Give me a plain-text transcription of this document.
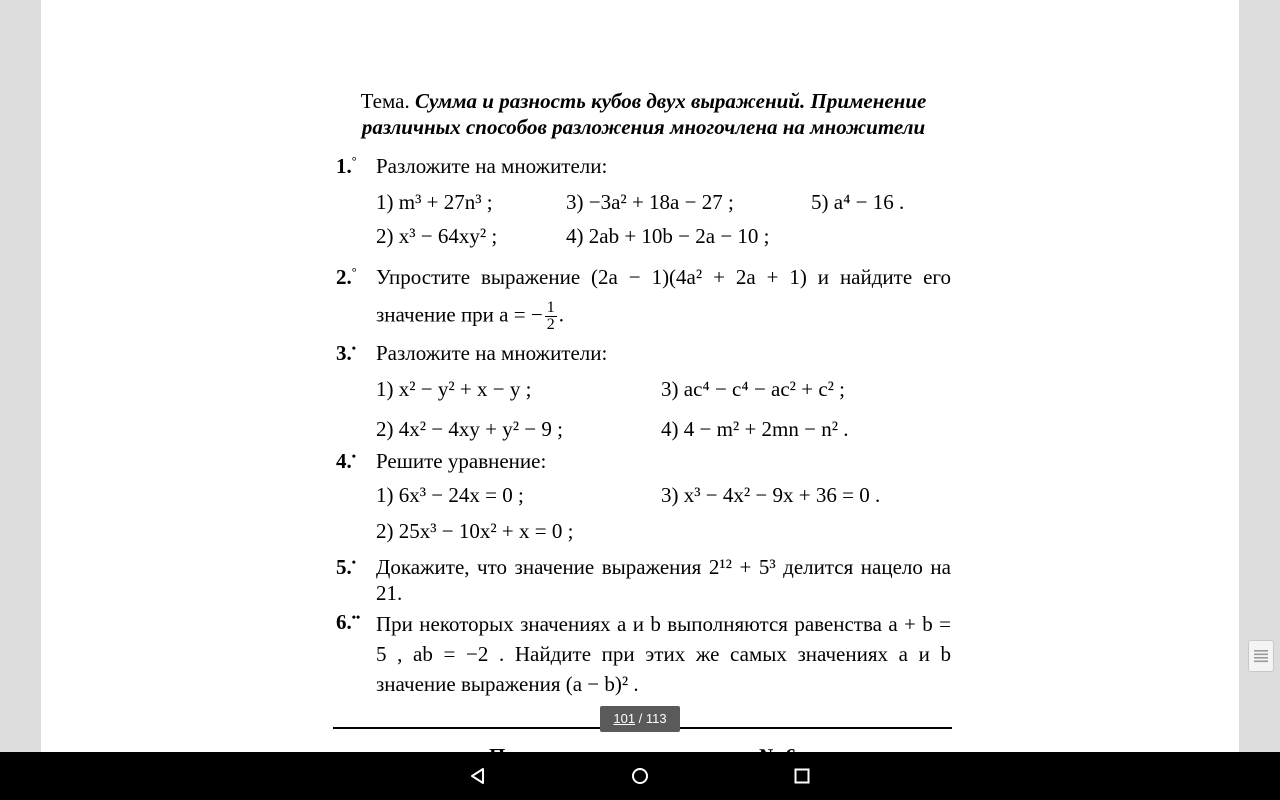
Тема. Сумма и разность кубов двух выражений. Применение различных способов разложения многочлена на множители
1.° Разложите на множители:
1) m³ + 27n³ ;
2) x³ − 64xy² ;
3) −3a² + 18a − 27 ;
4) 2ab + 10b − 2a − 10 ;
5) a⁴ − 16 .
2.° Упростите выражение (2a − 1)(4a² + 2a + 1) и найдите его
значение при a = − $\frac{1}{2}$ .
3.• Разложите на множители:
1) x² − y² + x − y ;
2) 4x² − 4xy + y² − 9 ;
3) ac⁴ − c⁴ − ac² + c² ;
4) 4 − m² + 2mn − n² .
4.• Решите уравнение:
1) 6x³ − 24x = 0 ;
2) 25x³ − 10x² + x = 0 ;
3) x³ − 4x² − 9x + 36 = 0 .
5.• Докажите, что значение выражения 2¹² + 5³ делится нацело на 21.
6.•• При некоторых значениях a и b выполняются равенства a + b = 5 , ab = −2 . Найдите при этих же самых значениях a и b значение выражения (a − b)² .
101 / 113
